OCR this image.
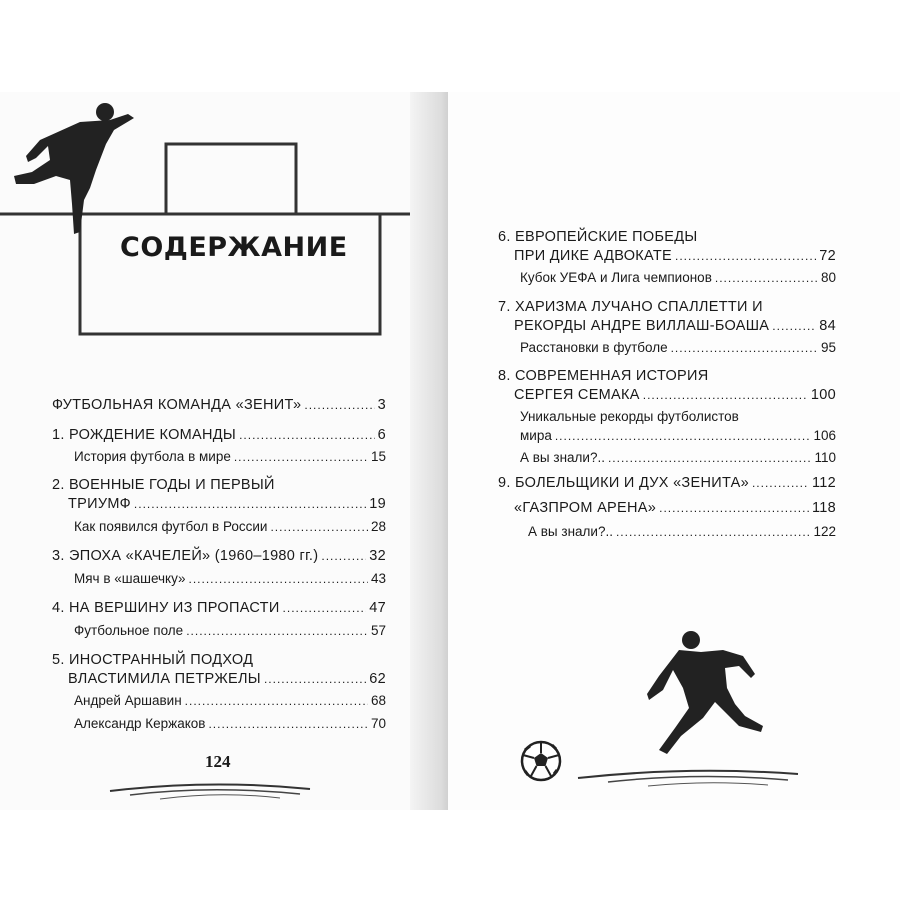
СОДЕРЖАНИЕ
ФУТБОЛЬНАЯ КОМАНДА «ЗЕНИТ» .....	3
1. РОЖДЕНИЕ КОМАНДЫ .....	6
История футбола в мире .....	15
2. ВОЕННЫЕ ГОДЫ И ПЕРВЫЙ
ТРИУМФ .....	19
Как появился футбол в России .....	28
3. ЭПОХА «КАЧЕЛЕЙ» (1960–1980 гг.) .....	32
Мяч в «шашечку» .....	43
4. НА ВЕРШИНУ ИЗ ПРОПАСТИ .....	47
Футбольное поле .....	57
5. ИНОСТРАННЫЙ ПОДХОД
ВЛАСТИМИЛА ПЕТРЖЕЛЫ .....	62
Андрей Аршавин .....	68
Александр Кержаков .....	70
124
6. ЕВРОПЕЙСКИЕ ПОБЕДЫ
ПРИ ДИКЕ АДВОКАТЕ .....	72
Кубок УЕФА и Лига чемпионов .....	80
7. ХАРИЗМА ЛУЧАНО СПАЛЛЕТТИ И
РЕКОРДЫ АНДРЕ ВИЛЛАШ-БОАША .....	84
Расстановки в футболе .....	95
8. СОВРЕМЕННАЯ ИСТОРИЯ
СЕРГЕЯ СЕМАКА .....	100
Уникальные рекорды футболистов
мира .....	106
А вы знали?.. .....	110
9. БОЛЕЛЬЩИКИ И ДУХ «ЗЕНИТА» .....	112
«ГАЗПРОМ АРЕНА» .....	118
А вы знали?.. .....	122
